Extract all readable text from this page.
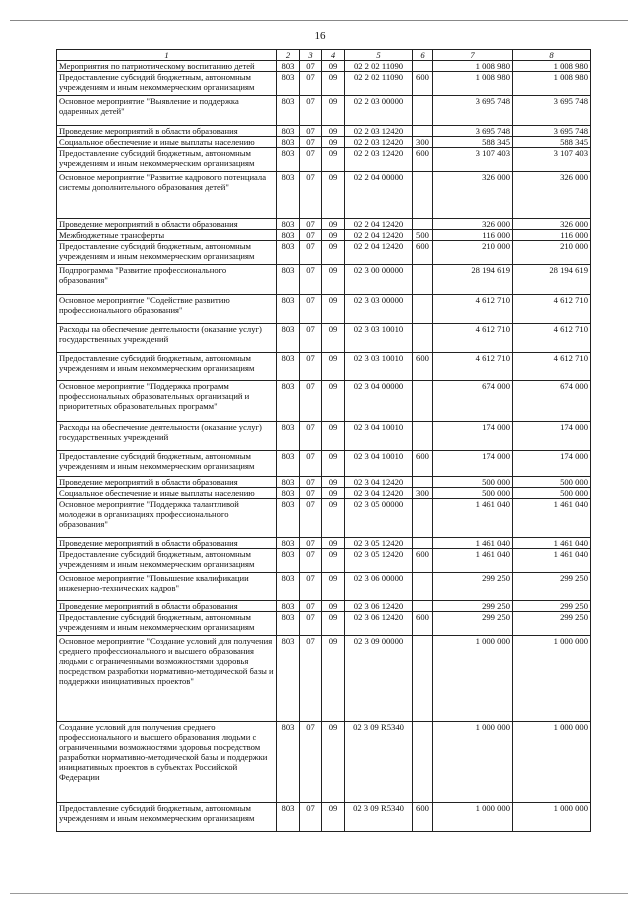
16
1	2	3	4	5	6	7	8
Мероприятия по патриотическому воспитанию детей	803	07	09	02 2 02 11090		1 008 980	1 008 980
Предоставление субсидий бюджетным, автономным учреждениям и иным некоммерческим организациям	803	07	09	02 2 02 11090	600	1 008 980	1 008 980
Основное мероприятие "Выявление и поддержка одаренных детей"	803	07	09	02 2 03 00000		3 695 748	3 695 748
Проведение мероприятий в области образования	803	07	09	02 2 03 12420		3 695 748	3 695 748
Социальное обеспечение и иные выплаты населению	803	07	09	02 2 03 12420	300	588 345	588 345
Предоставление субсидий бюджетным, автономным учреждениям и иным некоммерческим организациям	803	07	09	02 2 03 12420	600	3 107 403	3 107 403
Основное мероприятие "Развитие кадрового потенциала системы дополнительного образования детей"	803	07	09	02 2 04 00000		326 000	326 000
Проведение мероприятий в области образования	803	07	09	02 2 04 12420		326 000	326 000
Межбюджетные трансферты	803	07	09	02 2 04 12420	500	116 000	116 000
Предоставление субсидий бюджетным, автономным учреждениям и иным некоммерческим организациям	803	07	09	02 2 04 12420	600	210 000	210 000
Подпрограмма "Развитие профессионального образования"	803	07	09	02 3 00 00000		28 194 619	28 194 619
Основное мероприятие "Содействие развитию профессионального образования"	803	07	09	02 3 03 00000		4 612 710	4 612 710
Расходы на обеспечение деятельности (оказание услуг) государственных учреждений	803	07	09	02 3 03 10010		4 612 710	4 612 710
Предоставление субсидий бюджетным, автономным учреждениям и иным некоммерческим организациям	803	07	09	02 3 03 10010	600	4 612 710	4 612 710
Основное мероприятие "Поддержка программ профессиональных образовательных организаций и приоритетных образовательных программ"	803	07	09	02 3 04 00000		674 000	674 000
Расходы на обеспечение деятельности (оказание услуг) государственных учреждений	803	07	09	02 3 04 10010		174 000	174 000
Предоставление субсидий бюджетным, автономным учреждениям и иным некоммерческим организациям	803	07	09	02 3 04 10010	600	174 000	174 000
Проведение мероприятий в области образования	803	07	09	02 3 04 12420		500 000	500 000
Социальное обеспечение и иные выплаты населению	803	07	09	02 3 04 12420	300	500 000	500 000
Основное мероприятие "Поддержка талантливой молодежи в организациях профессионального образования"	803	07	09	02 3 05 00000		1 461 040	1 461 040
Проведение мероприятий в области образования	803	07	09	02 3 05 12420		1 461 040	1 461 040
Предоставление субсидий бюджетным, автономным учреждениям и иным некоммерческим организациям	803	07	09	02 3 05 12420	600	1 461 040	1 461 040
Основное мероприятие "Повышение квалификации инженерно-технических кадров"	803	07	09	02 3 06 00000		299 250	299 250
Проведение мероприятий в области образования	803	07	09	02 3 06 12420		299 250	299 250
Предоставление субсидий бюджетным, автономным учреждениям и иным некоммерческим организациям	803	07	09	02 3 06 12420	600	299 250	299 250
Основное мероприятие "Создание условий для получения среднего профессионального и высшего образования людьми с ограниченными возможностями здоровья посредством разработки нормативно-методической базы и поддержки инициативных проектов"	803	07	09	02 3 09 00000		1 000 000	1 000 000
Создание условий для получения среднего профессионального и высшего образования людьми с ограниченными возможностями здоровья посредством разработки нормативно-методической базы и поддержки инициативных проектов в субъектах Российской Федерации	803	07	09	02 3 09 R5340		1 000 000	1 000 000
Предоставление субсидий бюджетным, автономным учреждениям и иным некоммерческим организациям	803	07	09	02 3 09 R5340	600	1 000 000	1 000 000
